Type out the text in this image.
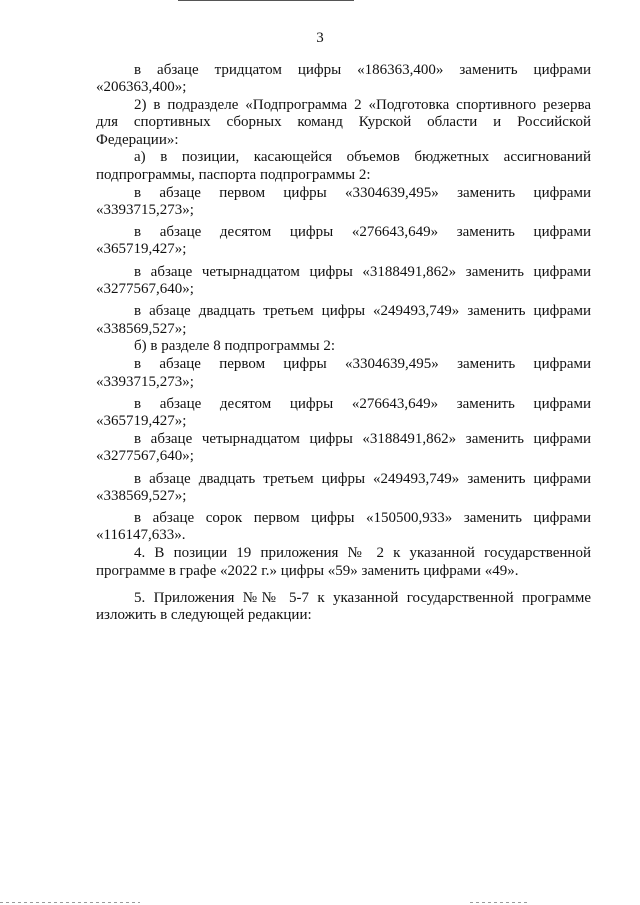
3

в абзаце тридцатом цифры «186363,400» заменить цифрами «206363,400»;

2) в подразделе «Подпрограмма 2 «Подготовка спортивного резерва для спортивных сборных команд Курской области и Российской Федерации»:

а) в позиции, касающейся объемов бюджетных ассигнований подпрограммы, паспорта подпрограммы 2:

в абзаце первом цифры «3304639,495» заменить цифрами «3393715,273»;

в абзаце десятом цифры «276643,649» заменить цифрами «365719,427»;

в абзаце четырнадцатом цифры «3188491,862» заменить цифрами «3277567,640»;

в абзаце двадцать третьем цифры «249493,749» заменить цифрами «338569,527»;

б) в разделе 8 подпрограммы 2:

в абзаце первом цифры «3304639,495» заменить цифрами «3393715,273»;

в абзаце десятом цифры «276643,649» заменить цифрами «365719,427»;

в абзаце четырнадцатом цифры «3188491,862» заменить цифрами «3277567,640»;

в абзаце двадцать третьем цифры «249493,749» заменить цифрами «338569,527»;

в абзаце сорок первом цифры «150500,933» заменить цифрами «116147,633».

4. В позиции 19 приложения № 2 к указанной государственной программе в графе «2022 г.» цифры «59» заменить цифрами «49».

5. Приложения №№ 5-7 к указанной государственной программе изложить в следующей редакции:
